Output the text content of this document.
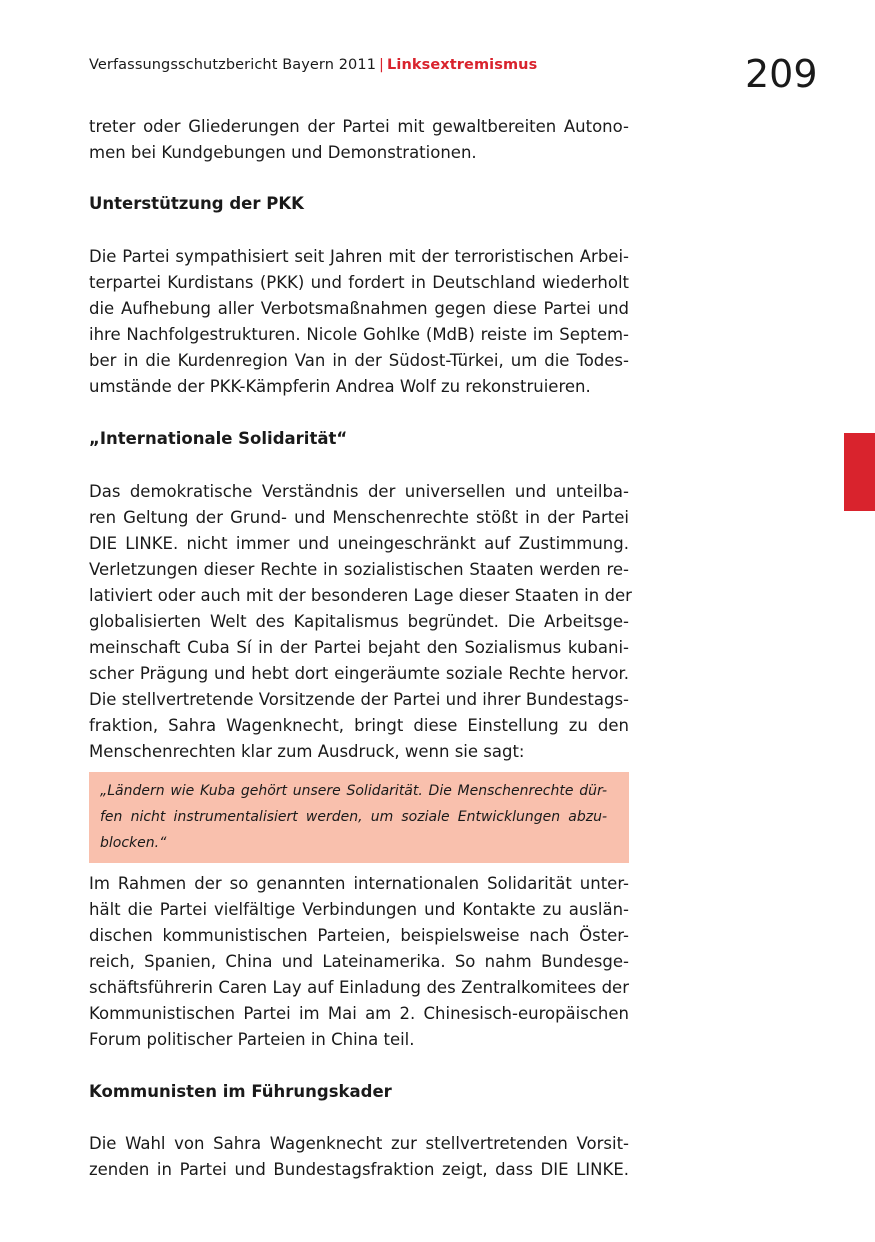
Verfassungsschutzbericht Bayern 2011 | Linksextremismus	209
treter oder Gliederungen der Partei mit gewaltbereiten Autono-
men bei Kundgebungen und Demonstrationen.
Unterstützung der PKK
Die Partei sympathisiert seit Jahren mit der terroristischen Arbei-
terpartei Kurdistans (PKK) und fordert in Deutschland wiederholt
die Aufhebung aller Verbotsmaßnahmen gegen diese Partei und
ihre Nachfolgestrukturen. Nicole Gohlke (MdB) reiste im Septem-
ber in die Kurdenregion Van in der Südost-Türkei, um die Todes-
umstände der PKK-Kämpferin Andrea Wolf zu rekonstruieren.
„Internationale Solidarität“
Das demokratische Verständnis der universellen und unteilba-
ren Geltung der Grund- und Menschenrechte stößt in der Partei
DIE LINKE. nicht immer und uneingeschränkt auf Zustimmung.
Verletzungen dieser Rechte in sozialistischen Staaten werden re-
lativiert oder auch mit der besonderen Lage dieser Staaten in der
globalisierten Welt des Kapitalismus begründet. Die Arbeitsge-
meinschaft Cuba Sí in der Partei bejaht den Sozialismus kubani-
scher Prägung und hebt dort eingeräumte soziale Rechte hervor.
Die stellvertretende Vorsitzende der Partei und ihrer Bundestags-
fraktion, Sahra Wagenknecht, bringt diese Einstellung zu den
Menschenrechten klar zum Ausdruck, wenn sie sagt:
„Ländern wie Kuba gehört unsere Solidarität. Die Menschenrechte dür-
fen nicht instrumentalisiert werden, um soziale Entwicklungen abzu-
blocken.“
Im Rahmen der so genannten internationalen Solidarität unter-
hält die Partei vielfältige Verbindungen und Kontakte zu auslän-
dischen kommunistischen Parteien, beispielsweise nach Öster-
reich, Spanien, China und Lateinamerika. So nahm Bundesge-
schäftsführerin Caren Lay auf Einladung des Zentralkomitees der
Kommunistischen Partei im Mai am 2. Chinesisch-europäischen
Forum politischer Parteien in China teil.
Kommunisten im Führungskader
Die Wahl von Sahra Wagenknecht zur stellvertretenden Vorsit-
zenden in Partei und Bundestagsfraktion zeigt, dass DIE LINKE.
